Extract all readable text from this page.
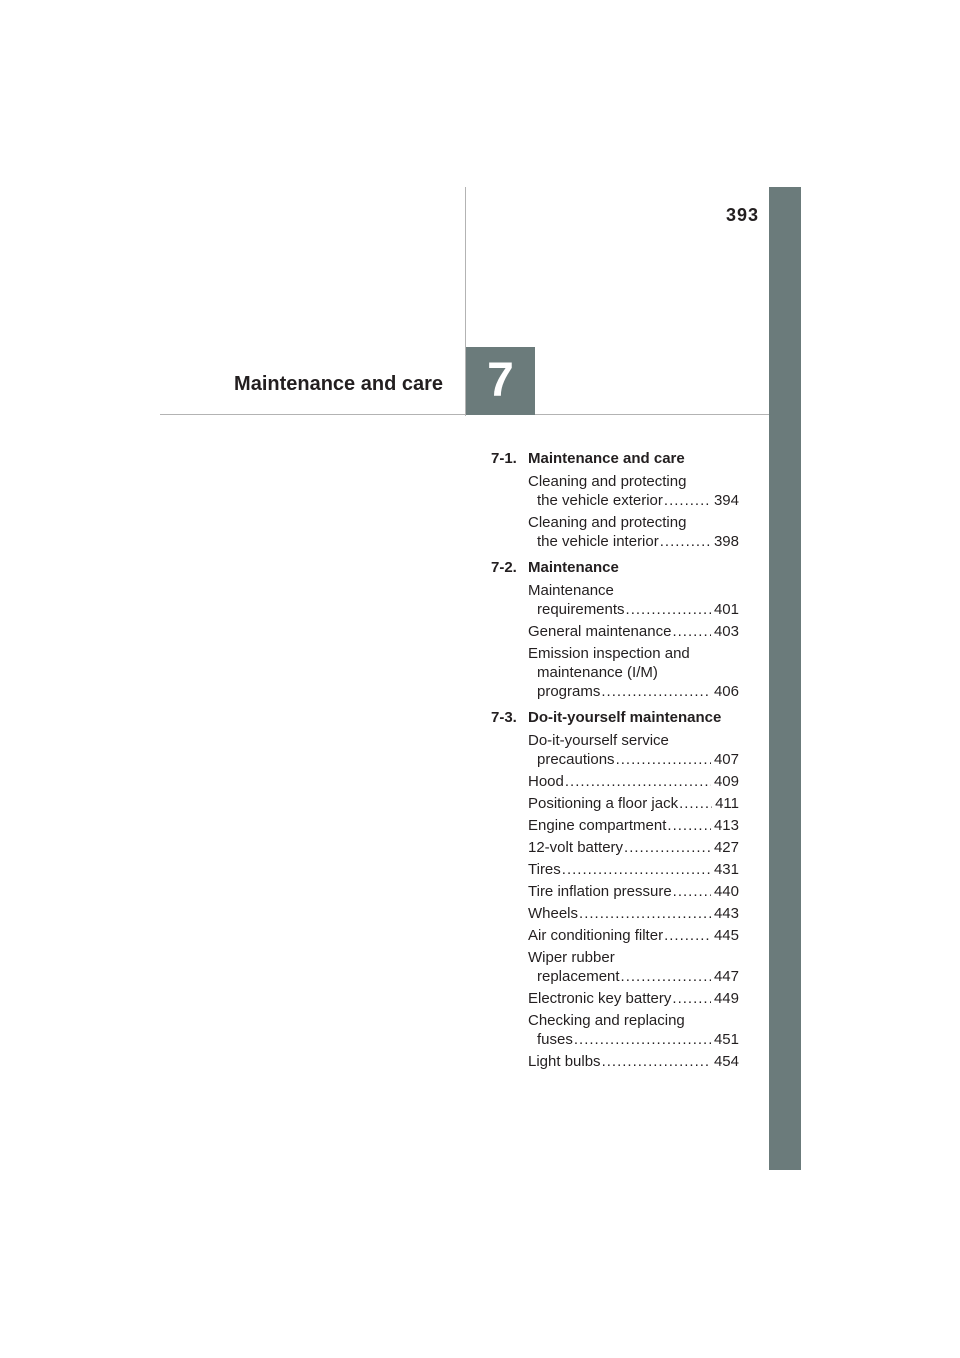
393
Maintenance and care 7
7-1. Maintenance and care
Cleaning and protecting
the vehicle exterior .....	394
Cleaning and protecting
the vehicle interior .....	398
7-2. Maintenance
Maintenance
requirements .....	401
General maintenance .....	403
Emission inspection and
maintenance (I/M)
programs .....	406
7-3. Do-it-yourself maintenance
Do-it-yourself service
precautions .....	407
Hood .....	409
Positioning a floor jack ..... 411
Engine compartment .....	413
12-volt battery .....	427
Tires .....	431
Tire inflation pressure .....	440
Wheels .....	443
Air conditioning filter .....	445
Wiper rubber
replacement .....	447
Electronic key battery .....	449
Checking and replacing
fuses .....	451
Light bulbs .....	454
